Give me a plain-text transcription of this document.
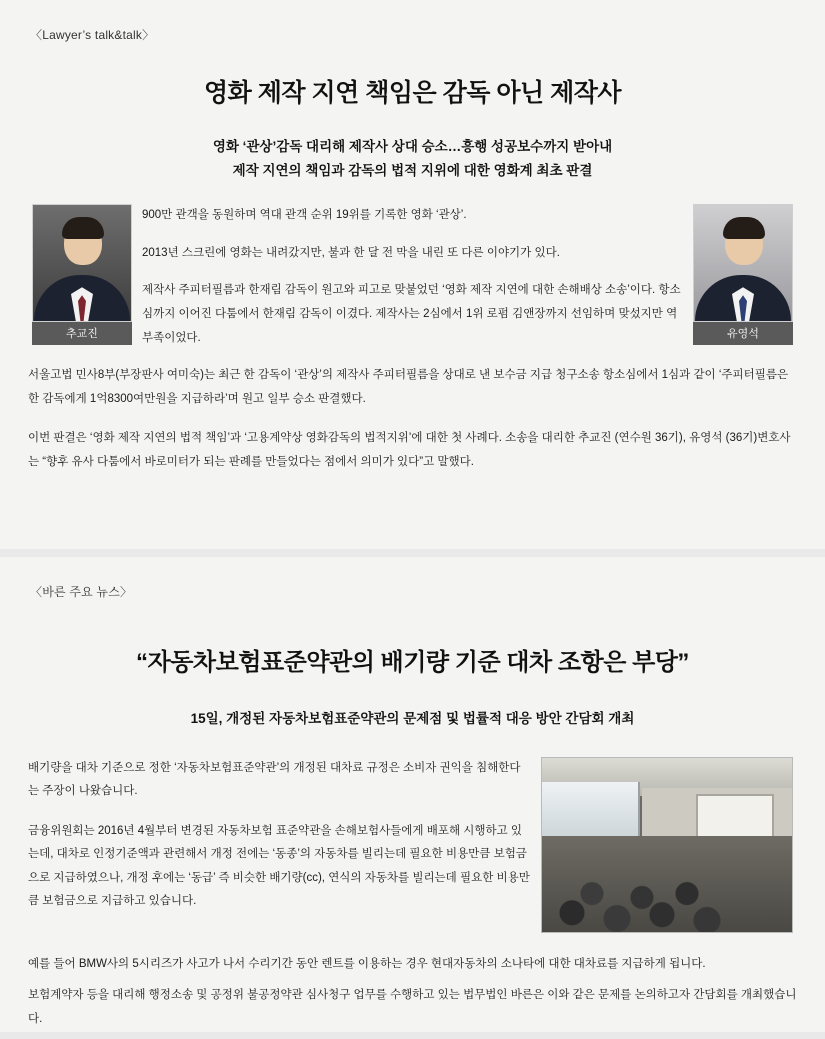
〈Lawyer’s talk&talk〉
영화 제작 지연 책임은 감독 아닌 제작사
영화 ‘관상’감독 대리해 제작사 상대 승소…흥행 성공보수까지 받아내
제작 지연의 책임과 감독의 법적 지위에 대한 영화계 최초 판결
추교진	유영석

900만 관객을 동원하며 역대 관객 순위 19위를 기록한 영화 ‘관상’.

2013년 스크린에 영화는 내려갔지만, 불과 한 달 전 막을 내린 또 다른 이야기가 있다.

제작사 주피터필름과 한재림 감독이 원고와 피고로 맞붙었던 ‘영화 제작 지연에 대한 손해배상 소송’이다. 항소심까지 이어진 다툼에서 한재림 감독이 이겼다. 제작사는 2심에서 1위 로펌 김앤장까지 선임하며 맞섰지만 역부족이었다.

서울고법 민사8부(부장판사 여미숙)는 최근 한 감독이 ‘관상’의 제작사 주피터필름을 상대로 낸 보수금 지급 청구소송 항소심에서 1심과 같이 ‘주피터필름은 한 감독에게 1억8300여만원을 지급하라’며 원고 일부 승소 판결했다.

이번 판결은 ‘영화 제작 지연의 법적 책임’과 ‘고용계약상 영화감독의 법적지위’에 대한 첫 사례다. 소송을 대리한 추교진 (연수원 36기), 유영석 (36기)변호사는 “향후 유사 다툼에서 바로미터가 되는 판례를 만들었다는 점에서 의미가 있다”고 말했다.

〈바른 주요 뉴스〉
“자동차보험표준약관의 배기량 기준 대차 조항은 부당”
15일, 개정된 자동차보험표준약관의 문제점 및 법률적 대응 방안 간담회 개최

배기량을 대차 기준으로 정한 ‘자동차보험표준약관’의 개정된 대차료 규정은 소비자 권익을 침해한다는 주장이 나왔습니다.

금융위원회는 2016년 4월부터 변경된 자동차보험 표준약관을 손해보험사들에게 배포해 시행하고 있는데, 대차로 인정기준액과 관련해서 개정 전에는 ‘동종’의 자동차를 빌리는데 필요한 비용만큼 보험금으로 지급하였으나, 개정 후에는 ‘동급’ 즉 비슷한 배기량(cc), 연식의 자동차를 빌리는데 필요한 비용만큼 보험금으로 지급하고 있습니다.

예를 들어 BMW사의 5시리즈가 사고가 나서 수리기간 동안 렌트를 이용하는 경우 현대자동차의 소나타에 대한 대차료를 지급하게 됩니다.

보험계약자 등을 대리해 행정소송 및 공정위 불공정약관 심사청구 업무를 수행하고 있는 법무법인 바른은 이와 같은 문제를 논의하고자 간담회를 개최했습니다.
